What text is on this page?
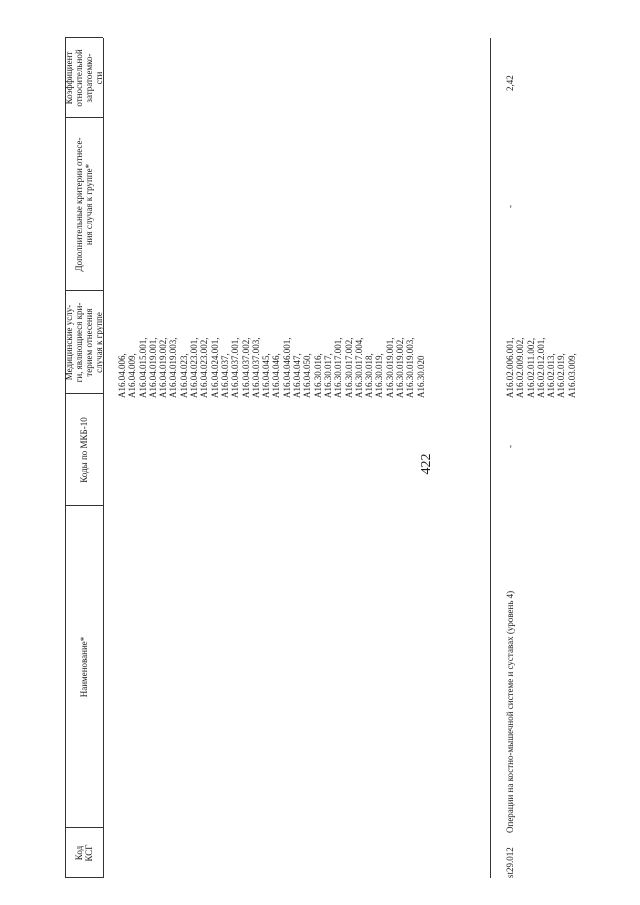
422
Код
КСГ
Наименование*
Коды по МКБ-10
Медицинские услу-
ги, являющиеся кри-
терием отнесения
случая к группе
Дополнительные критерии отнесе-
ния случая к группе*
Коэффициент
относительной
затратоемко-
сти
A16.04.006, A16.04.009, A16.04.015.001, A16.04.019.001, A16.04.019.002, A16.04.019.003, A16.04.023, A16.04.023.001, A16.04.023.002, A16.04.024.001, A16.04.037, A16.04.037.001, A16.04.037.002, A16.04.037.003, A16.04.045, A16.04.046, A16.04.046.001, A16.04.047, A16.04.050, A16.30.016, A16.30.017, A16.30.017.001, A16.30.017.002, A16.30.017.004, A16.30.018, A16.30.019, A16.30.019.001, A16.30.019.002, A16.30.019.003, A16.30.020
st29.012
Операции на костно-мышечной системе и суставах (уровень 4)
-
A16.02.006.001, A16.02.009.002, A16.02.011.002, A16.02.012.001, A16.02.013, A16.02.019, A16.03.009,
-
2,42
